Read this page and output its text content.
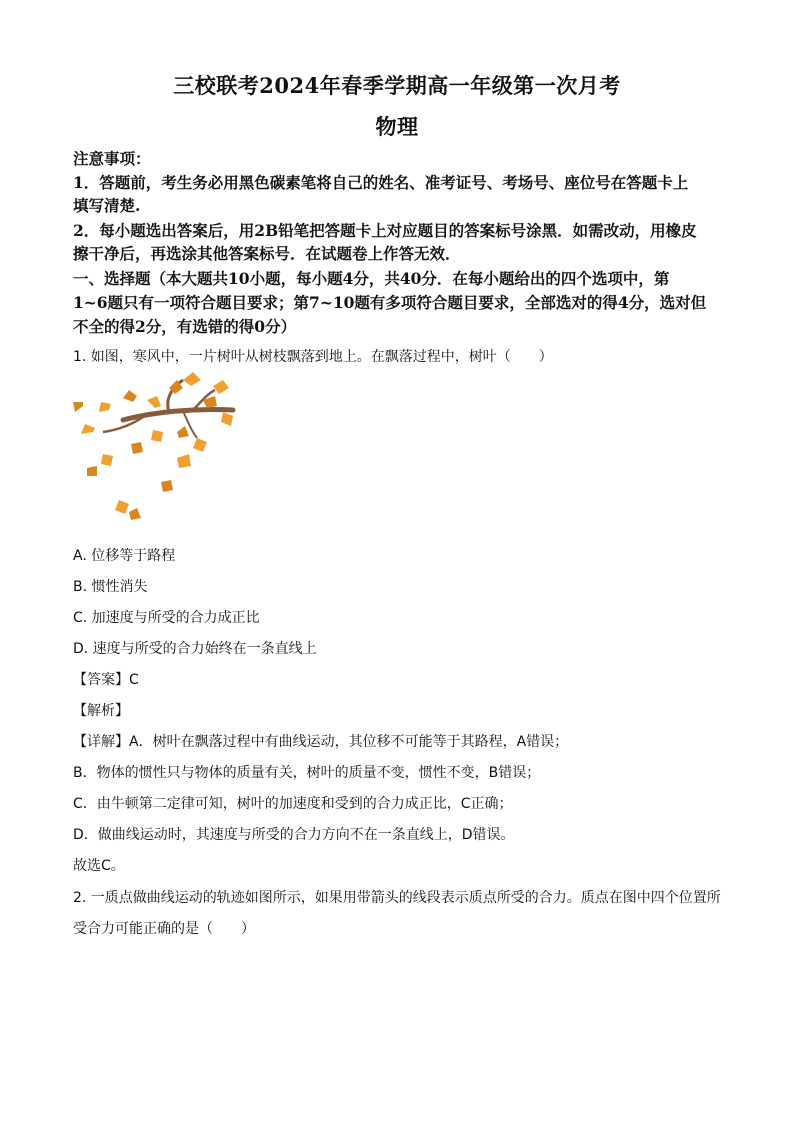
三校联考2024年春季学期高一年级第一次月考
物理
注意事项：
1．答题前，考生务必用黑色碳素笔将自己的姓名、准考证号、考场号、座位号在答题卡上
填写清楚.
2．每小题选出答案后，用2B铅笔把答题卡上对应题目的答案标号涂黑．如需改动，用橡皮
擦干净后，再选涂其他答案标号．在试题卷上作答无效．
一、选择题（本大题共10小题，每小题4分，共40分．在每小题给出的四个选项中，第
1~6题只有一项符合题目要求；第7~10题有多项符合题目要求，全部选对的得4分，选对但
不全的得2分，有选错的得0分）
1. 如图，寒风中，一片树叶从树枝飘落到地上。在飘落过程中，树叶（　　）
A. 位移等于路程
B. 惯性消失
C. 加速度与所受的合力成正比
D. 速度与所受的合力始终在一条直线上
【答案】C
【解析】
【详解】A．树叶在飘落过程中有曲线运动，其位移不可能等于其路程，A错误；
B．物体的惯性只与物体的质量有关，树叶的质量不变，惯性不变，B错误；
C．由牛顿第二定律可知，树叶的加速度和受到的合力成正比，C正确；
D．做曲线运动时，其速度与所受的合力方向不在一条直线上，D错误。
故选C。
2. 一质点做曲线运动的轨迹如图所示，如果用带箭头的线段表示质点所受的合力。质点在图中四个位置所
受合力可能正确的是（　　）
